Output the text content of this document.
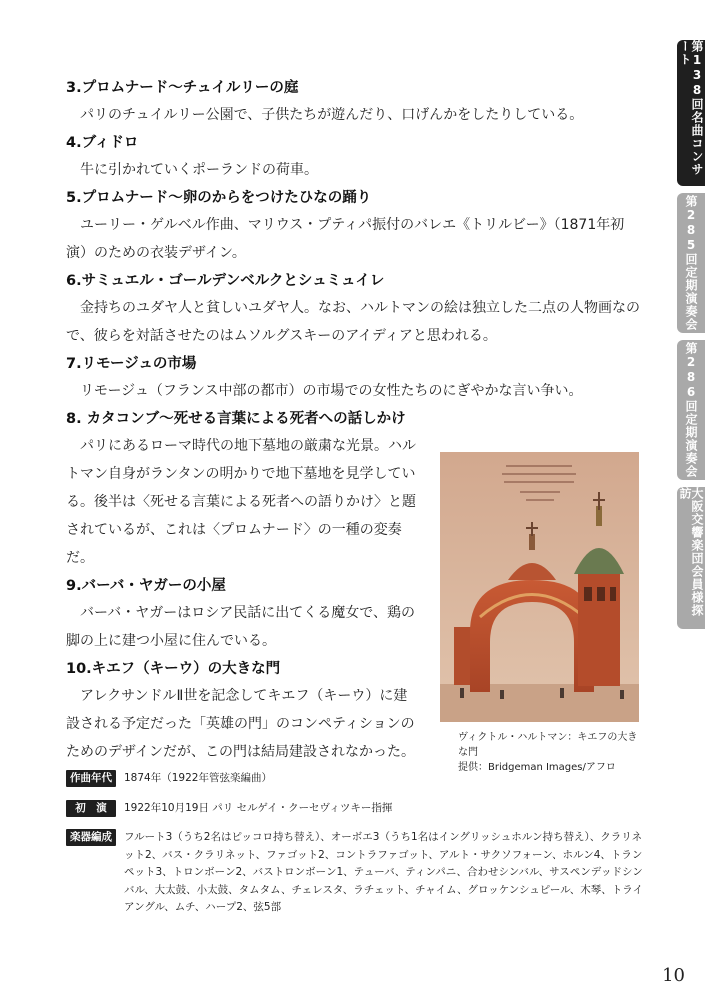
第138回名曲コンサート
第285回定期演奏会
第286回定期演奏会
大阪交響楽団会員様探訪

3.プロムナード〜チュイルリーの庭

パリのチュイルリー公園で、子供たちが遊んだり、口げんかをしたりしている。

4.ブィドロ

牛に引かれていくポーランドの荷車。

5.プロムナード〜卵のからをつけたひなの踊り

ユーリー・ゲルベル作曲、マリウス・プティパ振付のバレエ《トリルビー》（1871年初演）のための衣装デザイン。

6.サミュエル・ゴールデンベルクとシュミュイレ

金持ちのユダヤ人と貧しいユダヤ人。なお、ハルトマンの絵は独立した二点の人物画なので、彼らを対話させたのはムソルグスキーのアイディアと思われる。

7.リモージュの市場

リモージュ（フランス中部の都市）の市場での女性たちのにぎやかな言い争い。

8. カタコンブ〜死せる言葉による死者への話しかけ

パリにあるローマ時代の地下墓地の厳粛な光景。ハルトマン自身がランタンの明かりで地下墓地を見学している。後半は〈死せる言葉による死者への語りかけ〉と題されているが、これは〈プロムナード〉の一種の変奏だ。

9.バーバ・ヤガーの小屋

バーバ・ヤガーはロシア民話に出てくる魔女で、鶏の脚の上に建つ小屋に住んでいる。

10.キエフ（キーウ）の大きな門

アレクサンドルⅡ世を記念してキエフ（キーウ）に建設される予定だった「英雄の門」のコンペティションのためのデザインだが、この門は結局建設されなかった。

ヴィクトル・ハルトマン：キエフの大きな門
提供：Bridgeman Images/アフロ
作曲年代	1874年（1922年管弦楽編曲）
初　演	1922年10月19日 パリ セルゲイ・クーセヴィツキー指揮
楽器編成	フルート3（うち2名はピッコロ持ち替え）、オーボエ3（うち1名はイングリッシュホルン持ち替え）、クラリネット2、バス・クラリネット、ファゴット2、コントラファゴット、アルト・サクソフォーン、ホルン4、トランペット3、トロンボーン2、バストロンボーン1、テューバ、ティンパニ、合わせシンバル、サスペンデッドシンバル、大太鼓、小太鼓、タムタム、チェレスタ、ラチェット、チャイム、グロッケンシュピール、木琴、トライアングル、ムチ、ハープ2、弦5部
10
